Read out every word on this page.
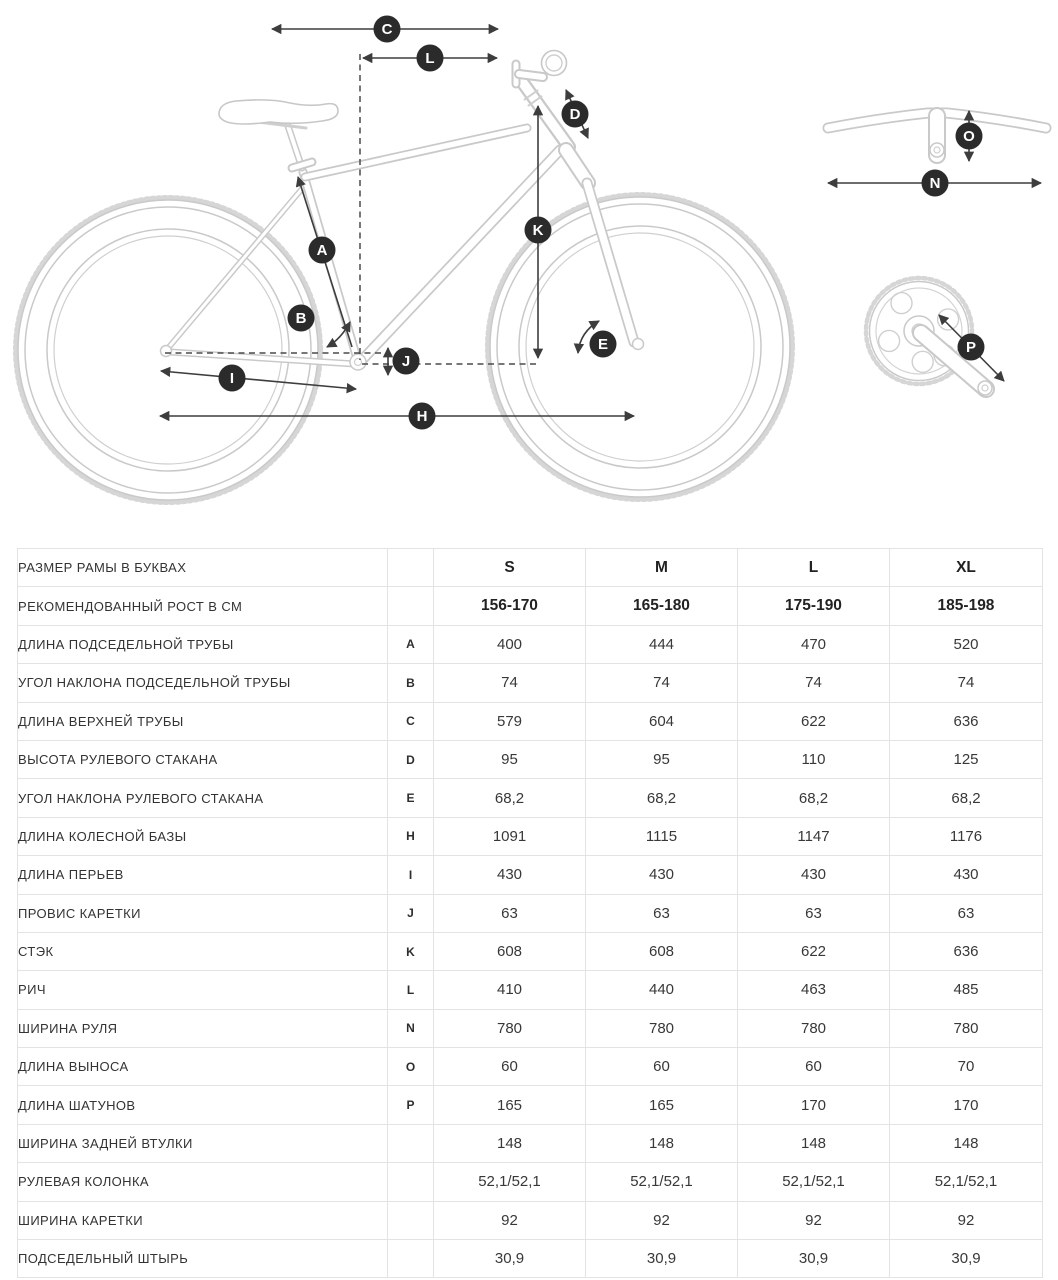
C
L
D
K
A
B
J
I
H
E
N
O
P
РАЗМЕР РАМЫ В БУКВАХ		S	M	L	XL
РЕКОМЕНДОВАННЫЙ РОСТ В СМ		156-170	165-180	175-190	185-198
ДЛИНА ПОДСЕДЕЛЬНОЙ ТРУБЫ	A	400	444	470	520
УГОЛ НАКЛОНА ПОДСЕДЕЛЬНОЙ ТРУБЫ	B	74	74	74	74
ДЛИНА ВЕРХНЕЙ ТРУБЫ	C	579	604	622	636
ВЫСОТА РУЛЕВОГО СТАКАНА	D	95	95	110	125
УГОЛ НАКЛОНА РУЛЕВОГО СТАКАНА	E	68,2	68,2	68,2	68,2
ДЛИНА КОЛЕСНОЙ БАЗЫ	H	1091	1115	1147	1176
ДЛИНА ПЕРЬЕВ	I	430	430	430	430
ПРОВИС КАРЕТКИ	J	63	63	63	63
СТЭК	K	608	608	622	636
РИЧ	L	410	440	463	485
ШИРИНА РУЛЯ	N	780	780	780	780
ДЛИНА ВЫНОСА	O	60	60	60	70
ДЛИНА ШАТУНОВ	P	165	165	170	170
ШИРИНА ЗАДНЕЙ ВТУЛКИ		148	148	148	148
РУЛЕВАЯ КОЛОНКА		52,1/52,1	52,1/52,1	52,1/52,1	52,1/52,1
ШИРИНА КАРЕТКИ		92	92	92	92
ПОДСЕДЕЛЬНЫЙ ШТЫРЬ		30,9	30,9	30,9	30,9
